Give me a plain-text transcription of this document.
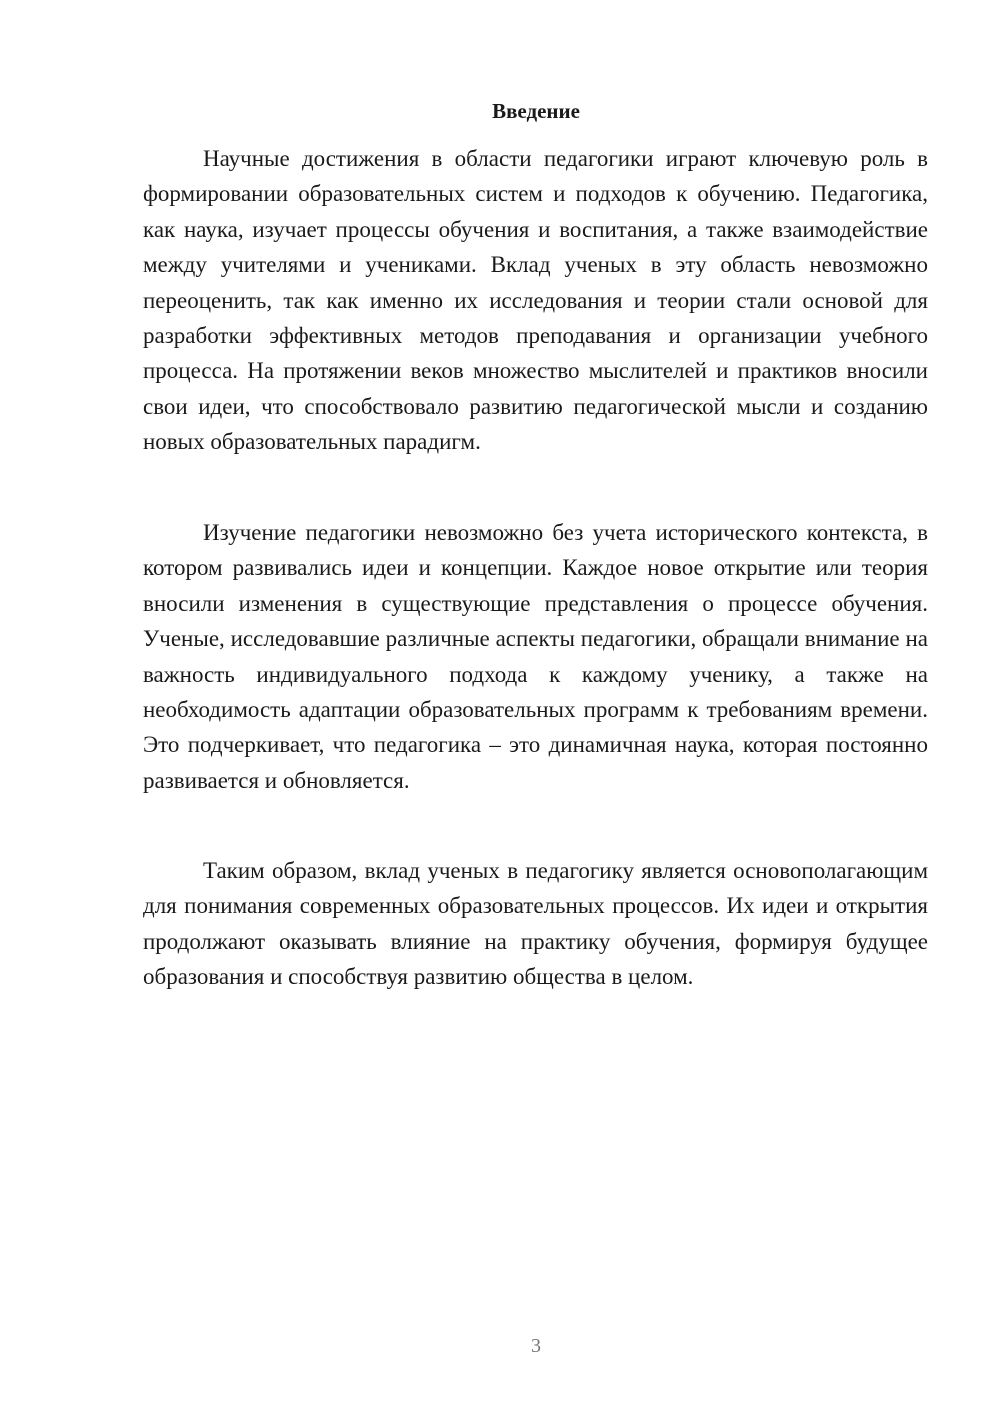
Введение

Научные достижения в области педагогики играют ключевую роль в формировании образовательных систем и подходов к обучению. Педагогика, как наука, изучает процессы обучения и воспитания, а также взаимодействие между учителями и учениками. Вклад ученых в эту область невозможно переоценить, так как именно их исследования и теории стали основой для разработки эффективных методов преподавания и организации учебного процесса. На протяжении веков множество мыслителей и практиков вносили свои идеи, что способствовало развитию педагогической мысли и созданию новых образовательных парадигм.

Изучение педагогики невозможно без учета исторического контекста, в котором развивались идеи и концепции. Каждое новое открытие или теория вносили изменения в существующие представления о процессе обучения. Ученые, исследовавшие различные аспекты педагогики, обращали внимание на важность индивидуального подхода к каждому ученику, а также на необходимость адаптации образовательных программ к требованиям времени. Это подчеркивает, что педагогика – это динамичная наука, которая постоянно развивается и обновляется.

Таким образом, вклад ученых в педагогику является основополагающим для понимания современных образовательных процессов. Их идеи и открытия продолжают оказывать влияние на практику обучения, формируя будущее образования и способствуя развитию общества в целом.

3
